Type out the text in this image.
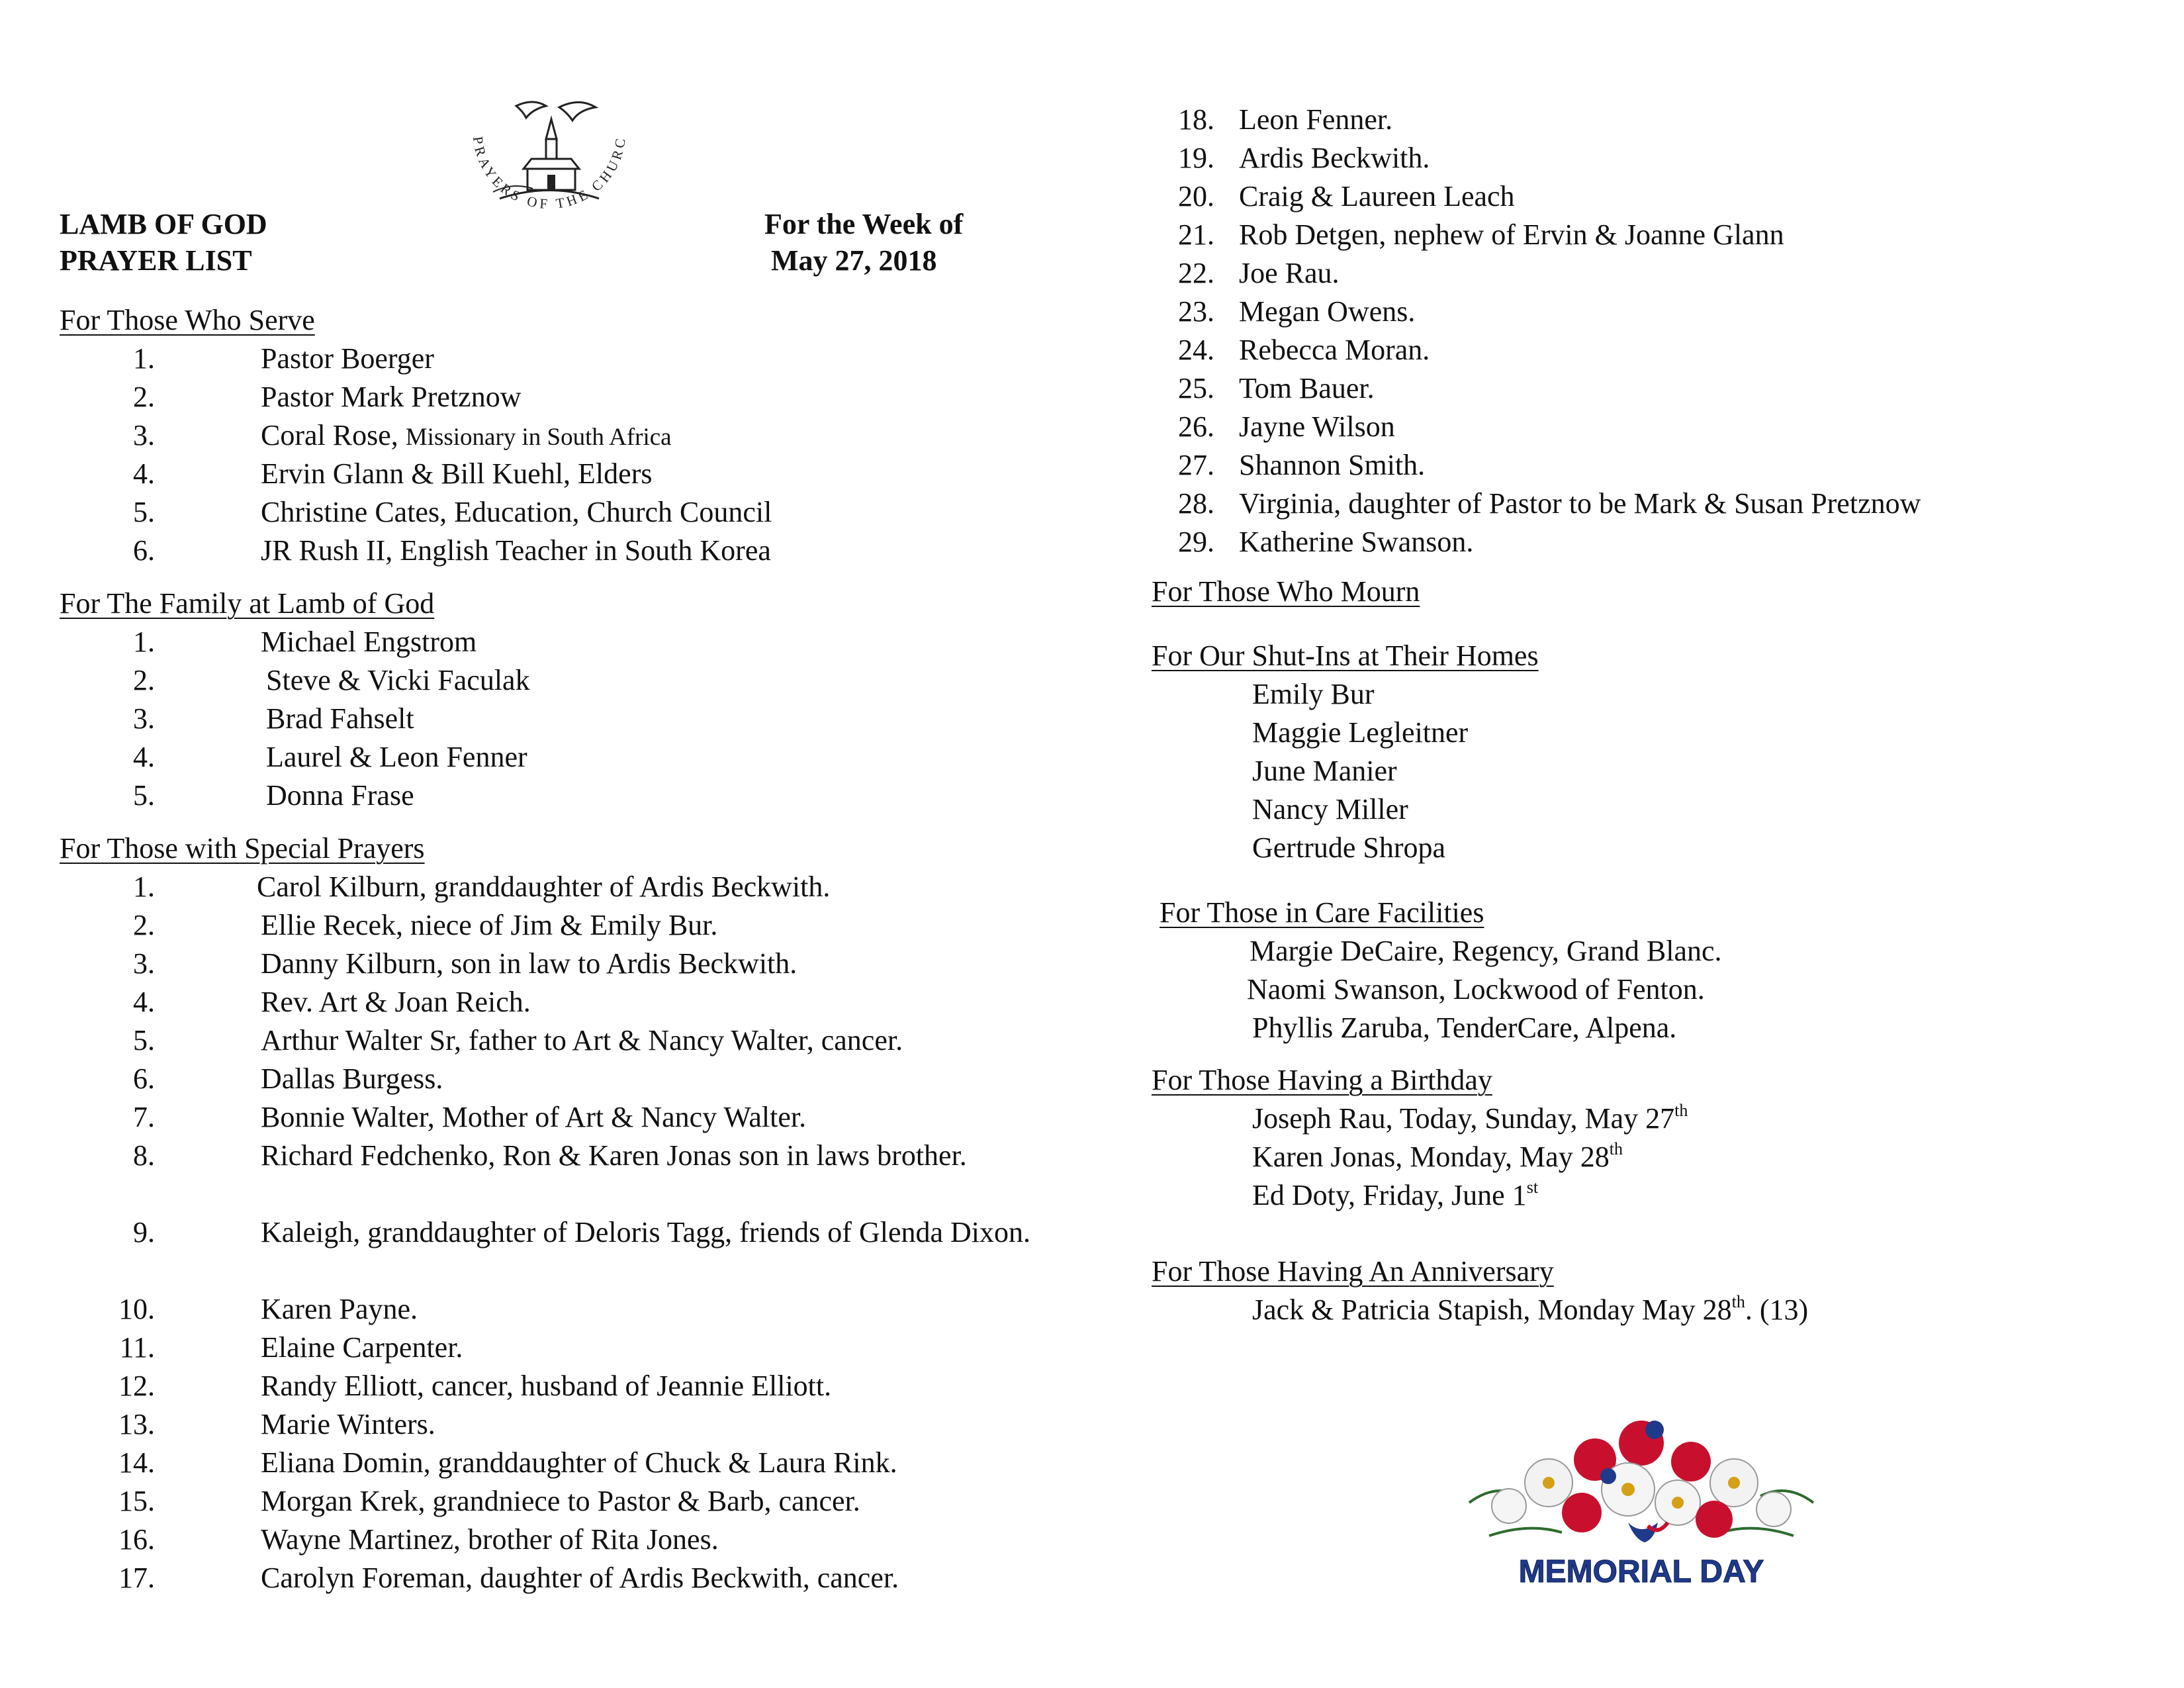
LAMB OF GOD
PRAYER LIST
For the Week of
May 27, 2018
PRAYERS OF THE CHURC
For Those Who Serve
1.	Pastor Boerger
2.	Pastor Mark Pretznow
3.	Coral Rose, Missionary in South Africa
4.	Ervin Glann & Bill Kuehl, Elders
5.	Christine Cates, Education, Church Council
6.	JR Rush II, English Teacher in South Korea
For The Family at Lamb of God
1.	Michael Engstrom
2.	Steve & Vicki Faculak
3.	Brad Fahselt
4.	Laurel & Leon Fenner
5.	Donna Frase
For Those with Special Prayers
1.	Carol Kilburn, granddaughter of Ardis Beckwith.
2.	Ellie Recek, niece of Jim & Emily Bur.
3.	Danny Kilburn, son in law to Ardis Beckwith.
4.	Rev. Art & Joan Reich.
5.	Arthur Walter Sr, father to Art & Nancy Walter, cancer.
6.	Dallas Burgess.
7.	Bonnie Walter, Mother of Art & Nancy Walter.
8.	Richard Fedchenko, Ron & Karen Jonas son in laws brother.
9.	Kaleigh, granddaughter of Deloris Tagg, friends of Glenda Dixon.
10.	Karen Payne.
11.	Elaine Carpenter.
12.	Randy Elliott, cancer, husband of Jeannie Elliott.
13.	Marie Winters.
14.	Eliana Domin, granddaughter of Chuck & Laura Rink.
15.	Morgan Krek, grandniece to Pastor & Barb, cancer.
16.	Wayne Martinez, brother of Rita Jones.
17.	Carolyn Foreman, daughter of Ardis Beckwith, cancer.
18. Leon Fenner.
19. Ardis Beckwith.
20. Craig & Laureen Leach
21. Rob Detgen, nephew of Ervin & Joanne Glann
22. Joe Rau.
23. Megan Owens.
24. Rebecca Moran.
25. Tom Bauer.
26. Jayne Wilson
27. Shannon Smith.
28. Virginia, daughter of Pastor to be Mark & Susan Pretznow
29. Katherine Swanson.
For Those Who Mourn
For Our Shut-Ins at Their Homes
Emily Bur
Maggie Legleitner
June Manier
Nancy Miller
Gertrude Shropa
For Those in Care Facilities
Margie DeCaire, Regency, Grand Blanc.
Naomi Swanson, Lockwood of Fenton.
Phyllis Zaruba, TenderCare, Alpena.
For Those Having a Birthday
Joseph Rau, Today, Sunday, May 27th
Karen Jonas, Monday, May 28th
Ed Doty, Friday, June 1st
For Those Having An Anniversary
Jack & Patricia Stapish, Monday May 28th. (13)
MEMORIAL DAY
